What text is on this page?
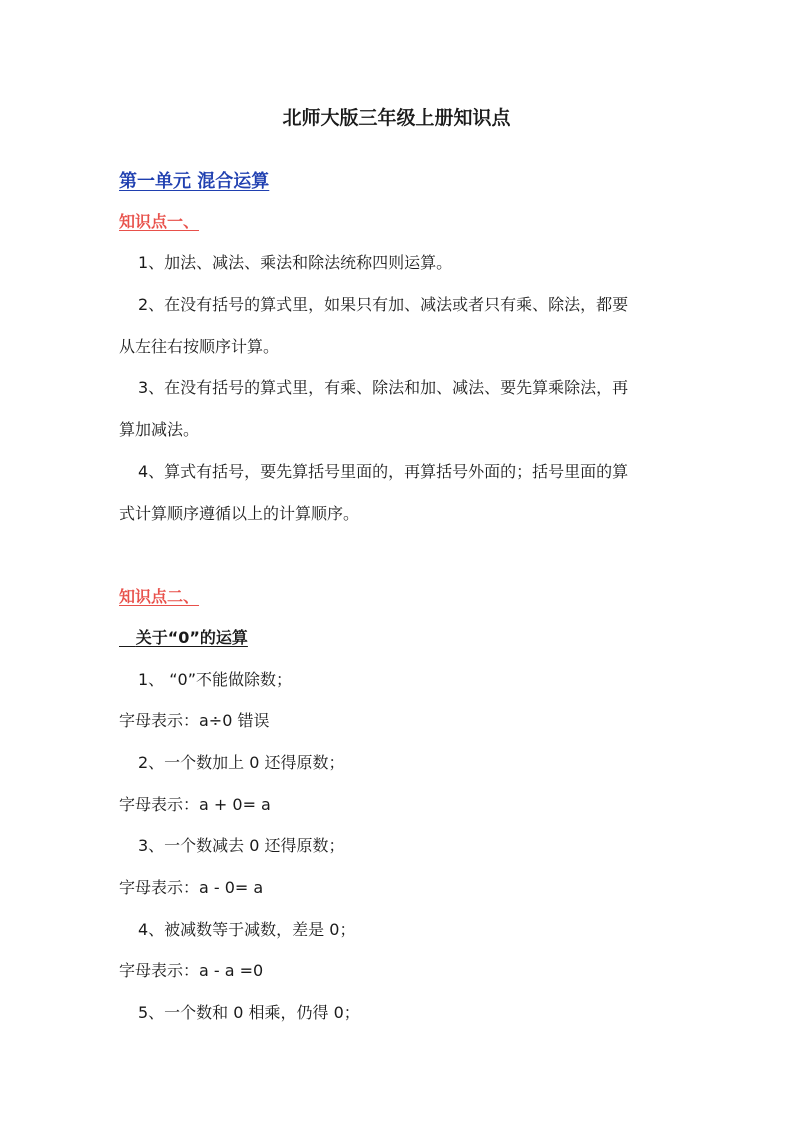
北师大版三年级上册知识点
第一单元 混合运算
知识点一、
1、加法、减法、乘法和除法统称四则运算。
2、在没有括号的算式里，如果只有加、减法或者只有乘、除法，都要
从左往右按顺序计算。
3、在没有括号的算式里，有乘、除法和加、减法、要先算乘除法，再
算加减法。
4、算式有括号，要先算括号里面的，再算括号外面的；括号里面的算
式计算顺序遵循以上的计算顺序。
知识点二、
关于“0”的运算
1、 “0”不能做除数；
字母表示：a÷0 错误
2、一个数加上 0 还得原数；
字母表示：a + 0= a
3、一个数减去 0 还得原数；
字母表示：a - 0= a
4、被减数等于减数，差是 0；
字母表示：a - a =0
5、一个数和 0 相乘，仍得 0；
